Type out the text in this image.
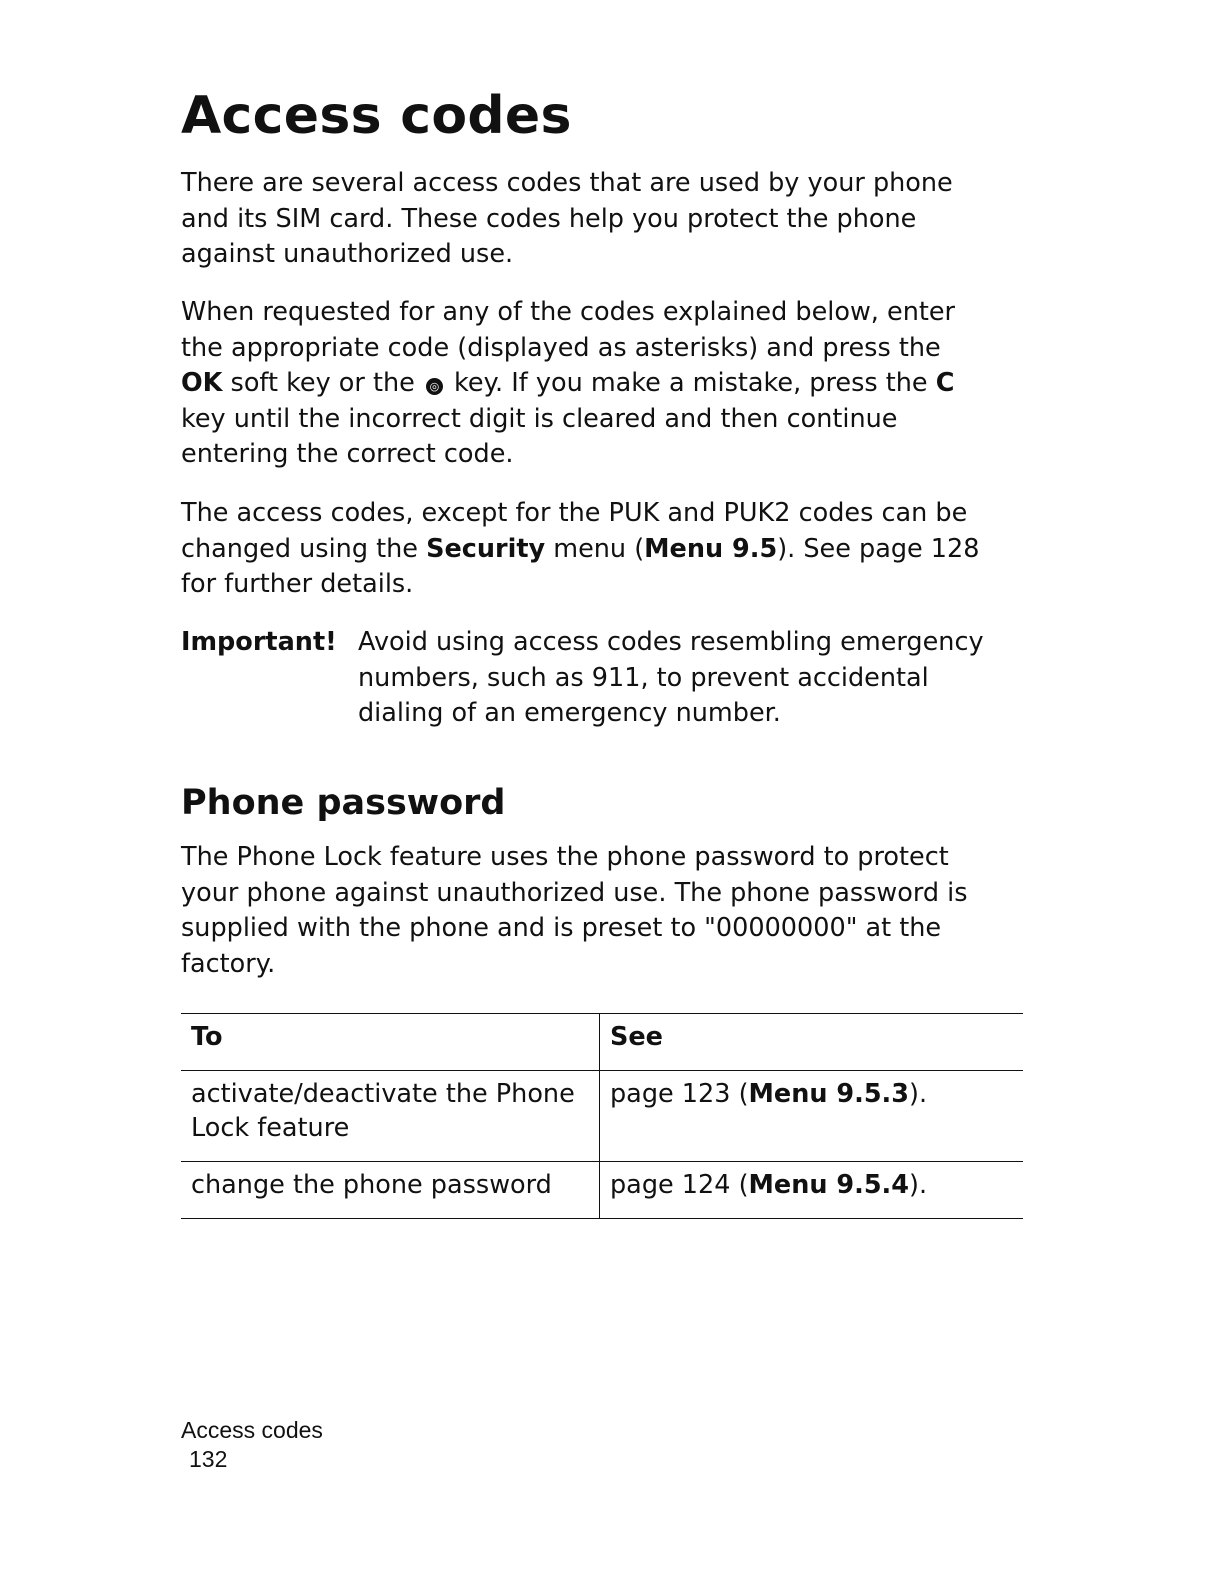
Access codes

There are several access codes that are used by your phone
and its SIM card. These codes help you protect the phone
against unauthorized use.

When requested for any of the codes explained below, enter
the appropriate code (displayed as asterisks) and press the
OK soft key or the ◎ key. If you make a mistake, press the C
key until the incorrect digit is cleared and then continue
entering the correct code.

The access codes, except for the PUK and PUK2 codes can be
changed using the Security menu (Menu 9.5). See page 128
for further details.

Important! Avoid using access codes resembling emergency
numbers, such as 911, to prevent accidental
dialing of an emergency number.
Phone password

The Phone Lock feature uses the phone password to protect
your phone against unauthorized use. The phone password is
supplied with the phone and is preset to "00000000" at the
factory.

To	See
activate/deactivate the Phone
Lock feature	page 123 (Menu 9.5.3).
change the phone password	page 124 (Menu 9.5.4).
Access codes
132
